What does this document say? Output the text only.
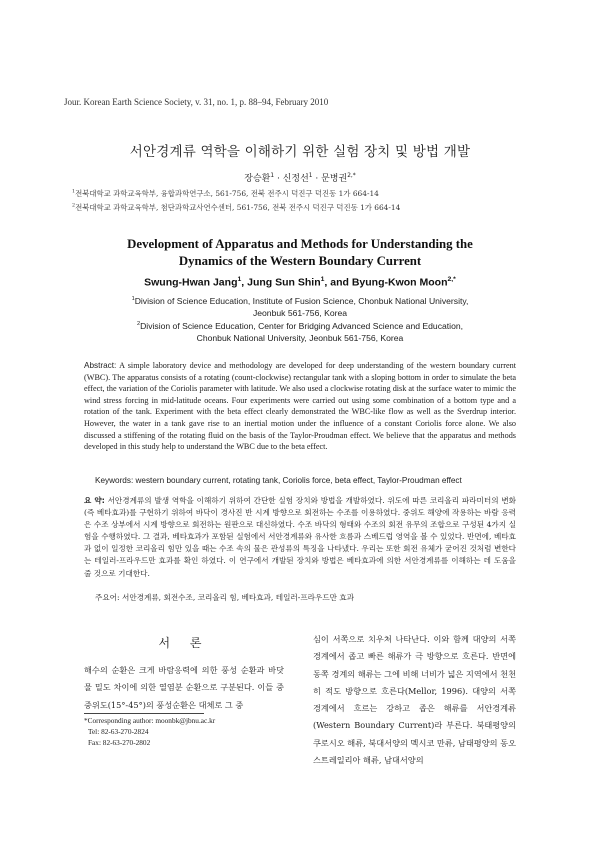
Jour. Korean Earth Science Society, v. 31, no. 1, p. 88–94, February 2010
서안경계류 역학을 이해하기 위한 실험 장치 및 방법 개발
장승환$^1$ · 신정선$^1$ · 문병권$^{2,*}$
$^1$전북대학교 과학교육학부, 융합과학연구소, 561-756, 전북 전주시 덕진구 덕진동 1가 664-14
$^2$전북대학교 과학교육학부, 첨단과학교사연수센터, 561-756, 전북 전주시 덕진구 덕진동 1가 664-14
Development of Apparatus and Methods for Understanding the
Dynamics of the Western Boundary Current
Swung-Hwan Jang$^1$, Jung Sun Shin$^1$, and Byung-Kwon Moon$^{2,*}$
$^1$Division of Science Education, Institute of Fusion Science, Chonbuk National University,
Jeonbuk 561-756, Korea
$^2$Division of Science Education, Center for Bridging Advanced Science and Education,
Chonbuk National University, Jeonbuk 561-756, Korea
Abstract: A simple laboratory device and methodology are developed for deep understanding of the western boundary current (WBC). The apparatus consists of a rotating (count-clockwise) rectangular tank with a sloping bottom in order to simulate the beta effect, the variation of the Coriolis parameter with latitude. We also used a clockwise rotating disk at the surface water to mimic the wind stress forcing in mid-latitude oceans. Four experiments were carried out using some combination of a bottom type and a rotation of the tank. Experiment with the beta effect clearly demonstrated the WBC-like flow as well as the Sverdrup interior. However, the water in a tank gave rise to an inertial motion under the influence of a constant Coriolis force alone. We also discussed a stiffening of the rotating fluid on the basis of the Taylor-Proudman effect. We believe that the apparatus and methods developed in this study help to understand the WBC due to the beta effect.
Keywords: western boundary current, rotating tank, Coriolis force, beta effect, Taylor-Proudman effect
요 약: 서안경계류의 발생 역학을 이해하기 위하여 간단한 실험 장치와 방법을 개발하였다. 위도에 따른 코리올리 파라미터의 변화(즉 베타효과)를 구현하기 위하여 바닥이 경사진 반 시계 방향으로 회전하는 수조를 이용하였다. 중위도 해양에 작용하는 바람 응력은 수조 상부에서 시계 방향으로 회전하는 원판으로 대신하였다. 수조 바닥의 형태와 수조의 회전 유무의 조합으로 구성된 4가지 실험을 수행하였다. 그 결과, 베타효과가 포함된 실험에서 서안경계류와 유사한 흐름과 스베드럽 영역을 볼 수 있었다. 반면에, 베타효과 없이 일정한 코리올리 힘만 있을 때는 수조 속의 물은 관성류의 특징을 나타냈다. 우리는 또한 회전 유체가 굳어진 것처럼 변한다는 테일러-프라우드만 효과를 확인 하였다. 이 연구에서 개발된 장치와 방법은 베타효과에 의한 서안경계류를 이해하는 데 도움을 줄 것으로 기대한다.
주요어: 서안경계류, 회전수조, 코리올리 힘, 베타효과, 테일러-프라우드만 효과
서 론
해수의 순환은 크게 바람응력에 의한 풍성 순환과 바닷물 밀도 차이에 의한 열염분 순환으로 구분된다. 이들 중 중위도(15°-45°)의 풍성순환은 대체로 그 중
심이 서쪽으로 치우쳐 나타난다. 이와 함께 대양의 서쪽 경계에서 좁고 빠른 해류가 극 방향으로 흐른다. 반면에 동쪽 경계의 해류는 그에 비해 너비가 넓은 지역에서 천천히 적도 방향으로 흐른다(Mellor, 1996). 대양의 서쪽 경계에서 흐르는 강하고 좁은 해류를 서안경계류(Western Boundary Current)라 부른다. 북태평양의 쿠로시오 해류, 북대서양의 멕시코 만류, 남태평양의 동오스트레일리아 해류, 남대서양의
*Corresponding author: moonbk@jbnu.ac.kr
Tel: 82-63-270-2824
Fax: 82-63-270-2802
